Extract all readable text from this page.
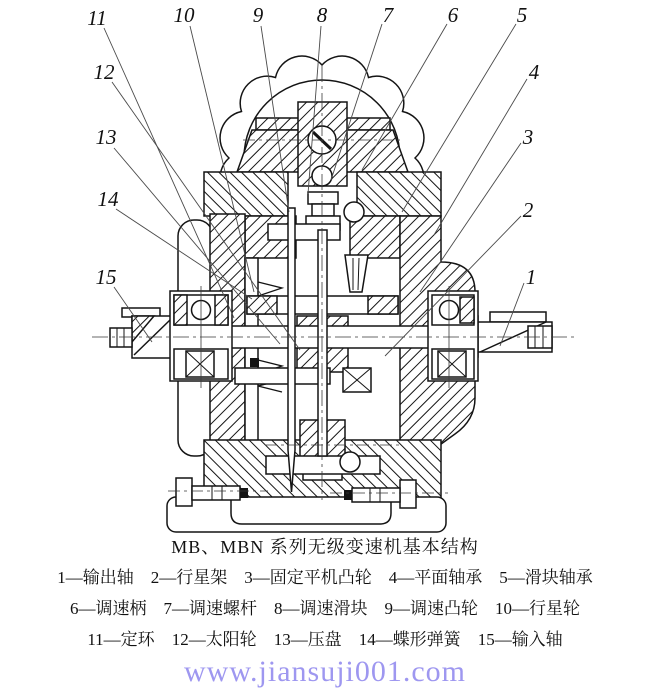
1
2
3
4
5
6
7
8
9
10
11
12
13
14
15
MB、MBN 系列无级变速机基本结构
1—输出轴 2—行星架 3—固定平机凸轮 4—平面轴承 5—滑块轴承
6—调速柄 7—调速螺杆 8—调速滑块 9—调速凸轮 10—行星轮
11—定环 12—太阳轮 13—压盘 14—蝶形弹簧 15—输入轴
www.jiansuji001.com
